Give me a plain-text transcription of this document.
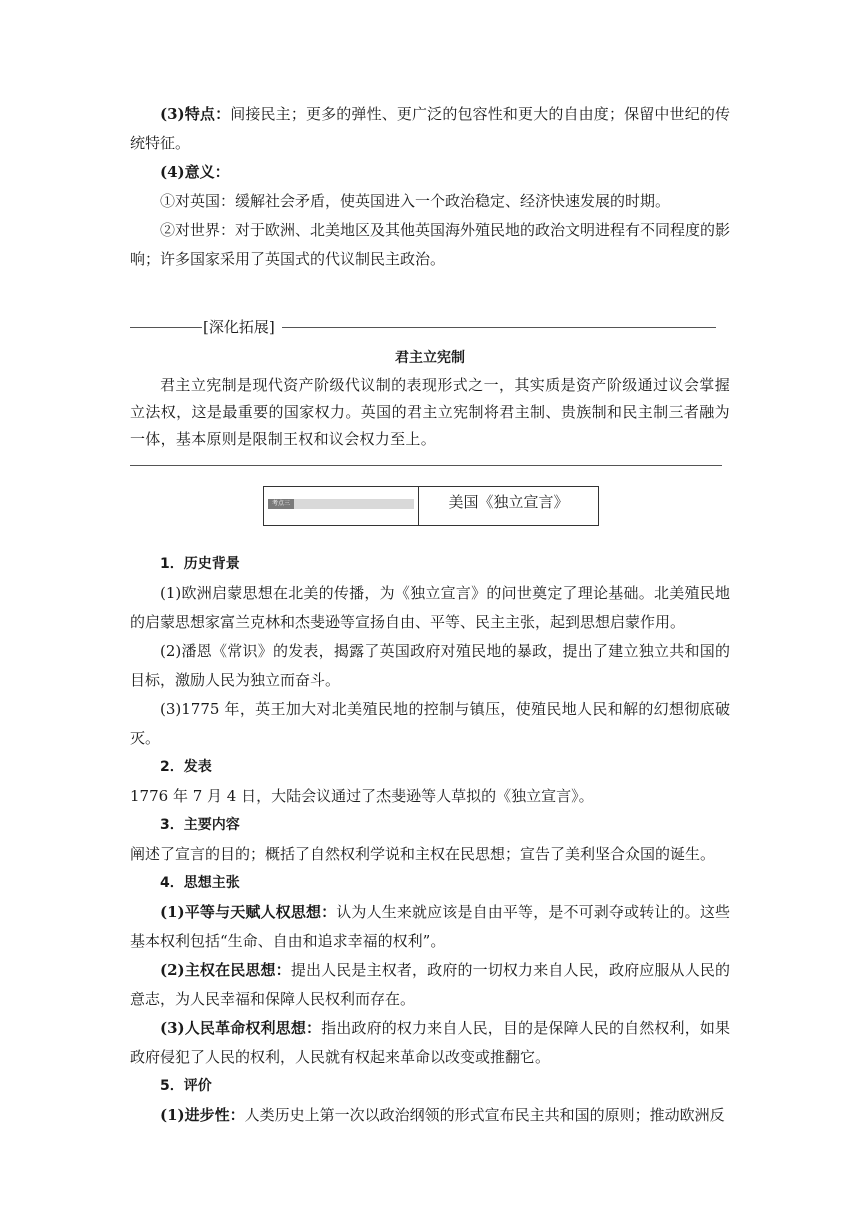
(3)特点：间接民主；更多的弹性、更广泛的包容性和更大的自由度；保留中世纪的传统特征。

(4)意义：

①对英国：缓解社会矛盾，使英国进入一个政治稳定、经济快速发展的时期。

②对世界：对于欧洲、北美地区及其他英国海外殖民地的政治文明进程有不同程度的影响；许多国家采用了英国式的代议制民主政治。

[深化拓展]
君主立宪制

君主立宪制是现代资产阶级代议制的表现形式之一，其实质是资产阶级通过议会掌握立法权，这是最重要的国家权力。英国的君主立宪制将君主制、贵族制和民主制三者融为一体，基本原则是限制王权和议会权力至上。

考点三	美国《独立宣言》

1．历史背景

(1)欧洲启蒙思想在北美的传播，为《独立宣言》的问世奠定了理论基础。北美殖民地的启蒙思想家富兰克林和杰斐逊等宣扬自由、平等、民主主张，起到思想启蒙作用。

(2)潘恩《常识》的发表，揭露了英国政府对殖民地的暴政，提出了建立独立共和国的目标，激励人民为独立而奋斗。

(3)1775 年，英王加大对北美殖民地的控制与镇压，使殖民地人民和解的幻想彻底破灭。

2．发表

1776 年 7 月 4 日，大陆会议通过了杰斐逊等人草拟的《独立宣言》。

3．主要内容

阐述了宣言的目的；概括了自然权利学说和主权在民思想；宣告了美利坚合众国的诞生。

4．思想主张

(1)平等与天赋人权思想：认为人生来就应该是自由平等，是不可剥夺或转让的。这些基本权利包括“生命、自由和追求幸福的权利”。

(2)主权在民思想：提出人民是主权者，政府的一切权力来自人民，政府应服从人民的意志，为人民幸福和保障人民权利而存在。

(3)人民革命权利思想：指出政府的权力来自人民，目的是保障人民的自然权利，如果政府侵犯了人民的权利，人民就有权起来革命以改变或推翻它。

5．评价

(1)进步性：人类历史上第一次以政治纲领的形式宣布民主共和国的原则；推动欧洲反
